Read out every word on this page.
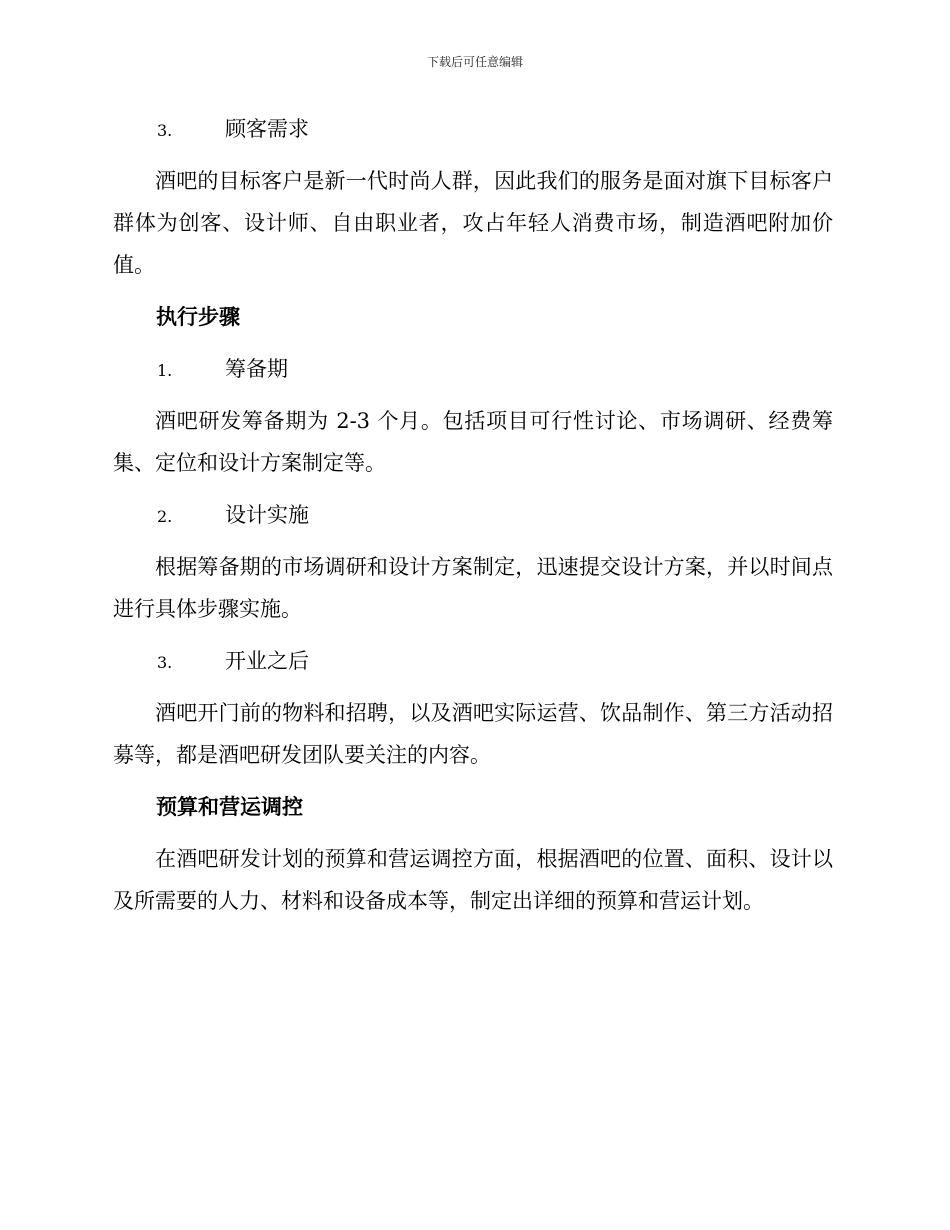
下载后可任意编辑
3.	顾客需求

酒吧的目标客户是新一代时尚人群，因此我们的服务是面对旗下目标客户群体为创客、设计师、自由职业者，攻占年轻人消费市场，制造酒吧附加价值。

执行步骤
1.	筹备期

酒吧研发筹备期为 2-3 个月。包括项目可行性讨论、市场调研、经费筹集、定位和设计方案制定等。

2.	设计实施

根据筹备期的市场调研和设计方案制定，迅速提交设计方案，并以时间点进行具体步骤实施。

3.	开业之后

酒吧开门前的物料和招聘，以及酒吧实际运营、饮品制作、第三方活动招募等，都是酒吧研发团队要关注的内容。

预算和营运调控

在酒吧研发计划的预算和营运调控方面，根据酒吧的位置、面积、设计以及所需要的人力、材料和设备成本等，制定出详细的预算和营运计划。
